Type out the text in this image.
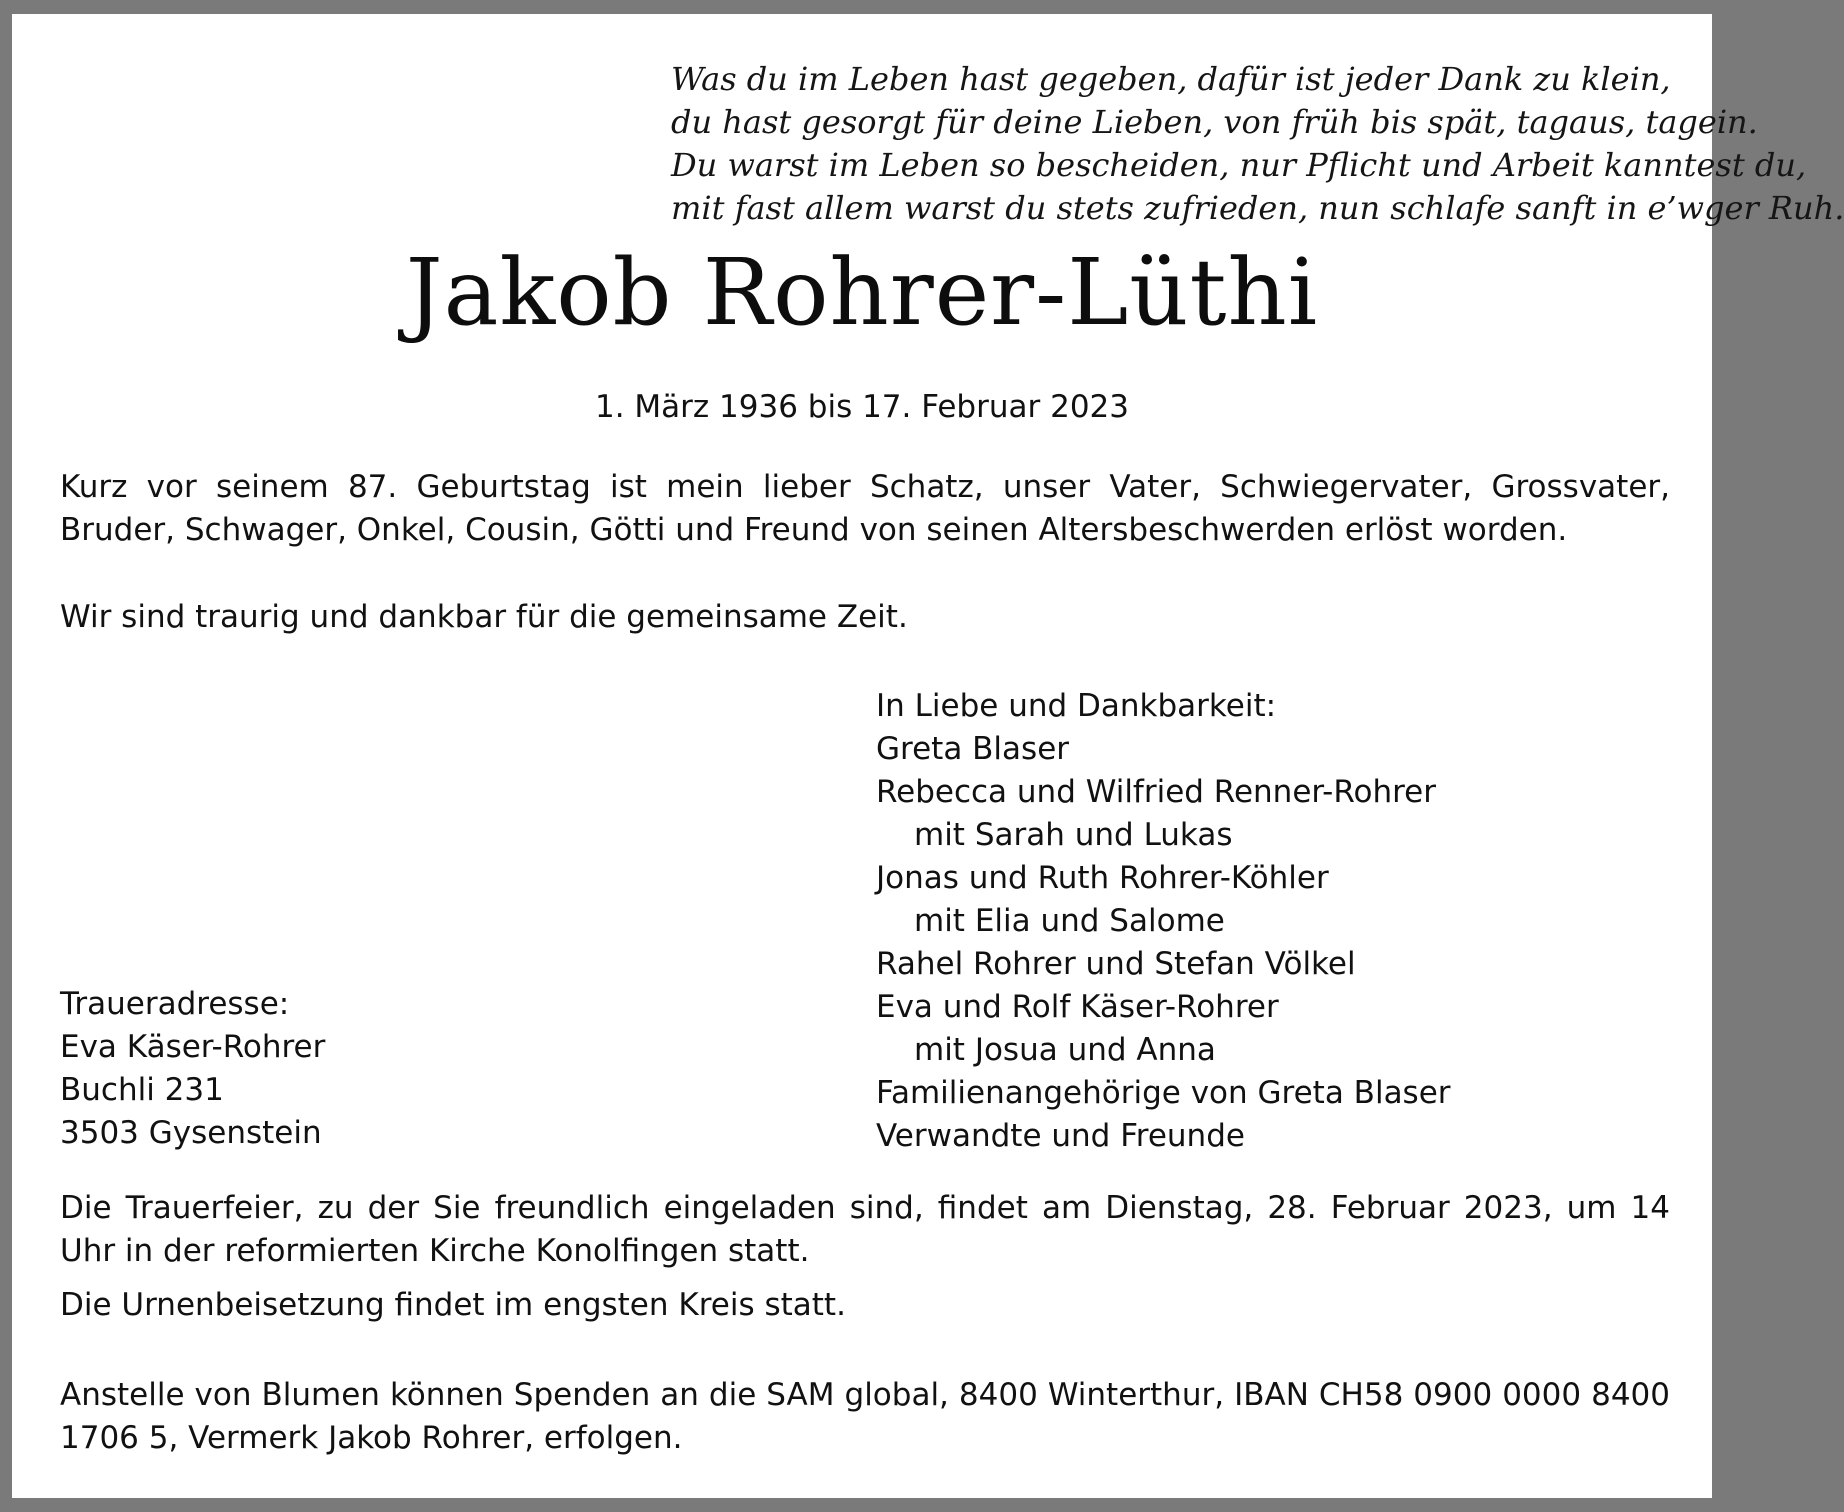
Was du im Leben hast gegeben, dafür ist jeder Dank zu klein,
du hast gesorgt für deine Lieben, von früh bis spät, tagaus, tagein.
Du warst im Leben so bescheiden, nur Pflicht und Arbeit kanntest du,
mit fast allem warst du stets zufrieden, nun schlafe sanft in e’wger Ruh.
Jakob Rohrer-Lüthi
1. März 1936 bis 17. Februar 2023
Kurz vor seinem 87. Geburtstag ist mein lieber Schatz, unser Vater, Schwiegervater, Grossvater, Bruder, Schwager, Onkel, Cousin, Götti und Freund von seinen Altersbeschwerden erlöst worden.
Wir sind traurig und dankbar für die gemeinsame Zeit.
In Liebe und Dankbarkeit:
Greta Blaser
Rebecca und Wilfried Renner-Rohrer
mit Sarah und Lukas
Jonas und Ruth Rohrer-Köhler
mit Elia und Salome
Rahel Rohrer und Stefan Völkel
Eva und Rolf Käser-Rohrer
mit Josua und Anna
Familienangehörige von Greta Blaser
Verwandte und Freunde
Traueradresse:
Eva Käser-Rohrer
Buchli 231
3503 Gysenstein
Die Trauerfeier, zu der Sie freundlich eingeladen sind, findet am Dienstag, 28. Februar 2023, um 14 Uhr in der reformierten Kirche Konolfingen statt.
Die Urnenbeisetzung findet im engsten Kreis statt.
Anstelle von Blumen können Spenden an die SAM global, 8400 Winterthur, IBAN CH58 0900 0000 8400 1706 5, Vermerk Jakob Rohrer, erfolgen.
